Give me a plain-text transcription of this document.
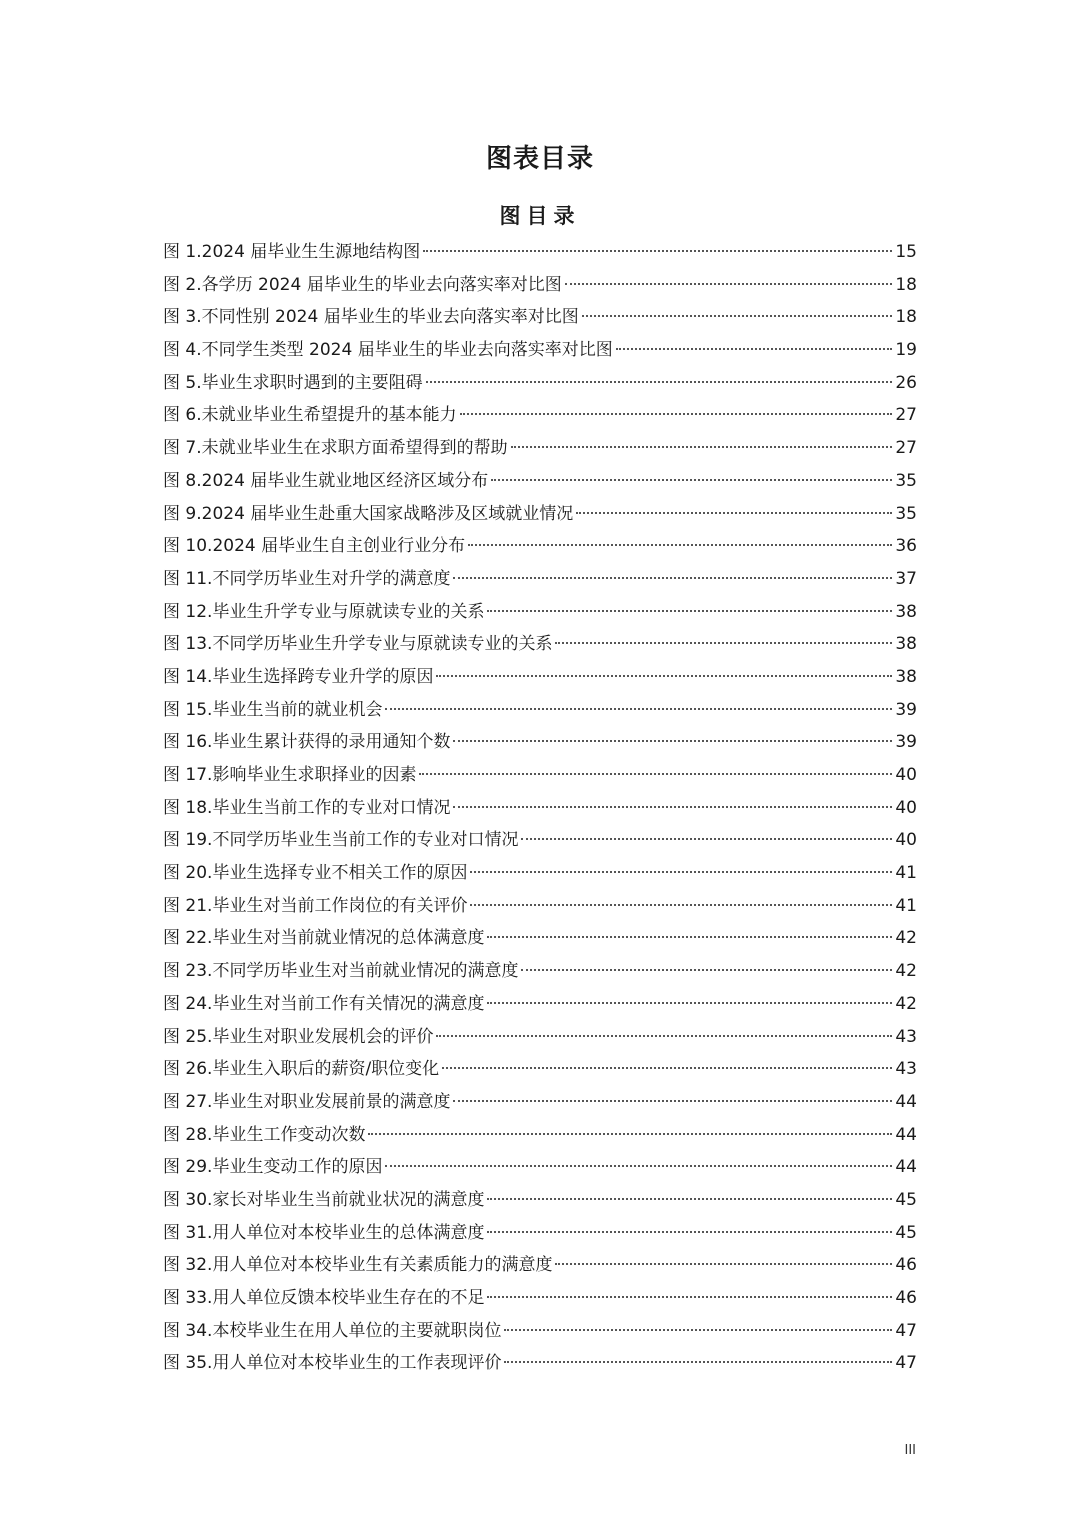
图表目录
图目录
图 1.2024 届毕业生生源地结构图	15
图 2.各学历 2024 届毕业生的毕业去向落实率对比图	18
图 3.不同性别 2024 届毕业生的毕业去向落实率对比图	18
图 4.不同学生类型 2024 届毕业生的毕业去向落实率对比图	19
图 5.毕业生求职时遇到的主要阻碍	26
图 6.未就业毕业生希望提升的基本能力	27
图 7.未就业毕业生在求职方面希望得到的帮助	27
图 8.2024 届毕业生就业地区经济区域分布	35
图 9.2024 届毕业生赴重大国家战略涉及区域就业情况	35
图 10.2024 届毕业生自主创业行业分布	36
图 11.不同学历毕业生对升学的满意度	37
图 12.毕业生升学专业与原就读专业的关系	38
图 13.不同学历毕业生升学专业与原就读专业的关系	38
图 14.毕业生选择跨专业升学的原因	38
图 15.毕业生当前的就业机会	39
图 16.毕业生累计获得的录用通知个数	39
图 17.影响毕业生求职择业的因素	40
图 18.毕业生当前工作的专业对口情况	40
图 19.不同学历毕业生当前工作的专业对口情况	40
图 20.毕业生选择专业不相关工作的原因	41
图 21.毕业生对当前工作岗位的有关评价	41
图 22.毕业生对当前就业情况的总体满意度	42
图 23.不同学历毕业生对当前就业情况的满意度	42
图 24.毕业生对当前工作有关情况的满意度	42
图 25.毕业生对职业发展机会的评价	43
图 26.毕业生入职后的薪资/职位变化	43
图 27.毕业生对职业发展前景的满意度	44
图 28.毕业生工作变动次数	44
图 29.毕业生变动工作的原因	44
图 30.家长对毕业生当前就业状况的满意度	45
图 31.用人单位对本校毕业生的总体满意度	45
图 32.用人单位对本校毕业生有关素质能力的满意度	46
图 33.用人单位反馈本校毕业生存在的不足	46
图 34.本校毕业生在用人单位的主要就职岗位	47
图 35.用人单位对本校毕业生的工作表现评价	47
III
